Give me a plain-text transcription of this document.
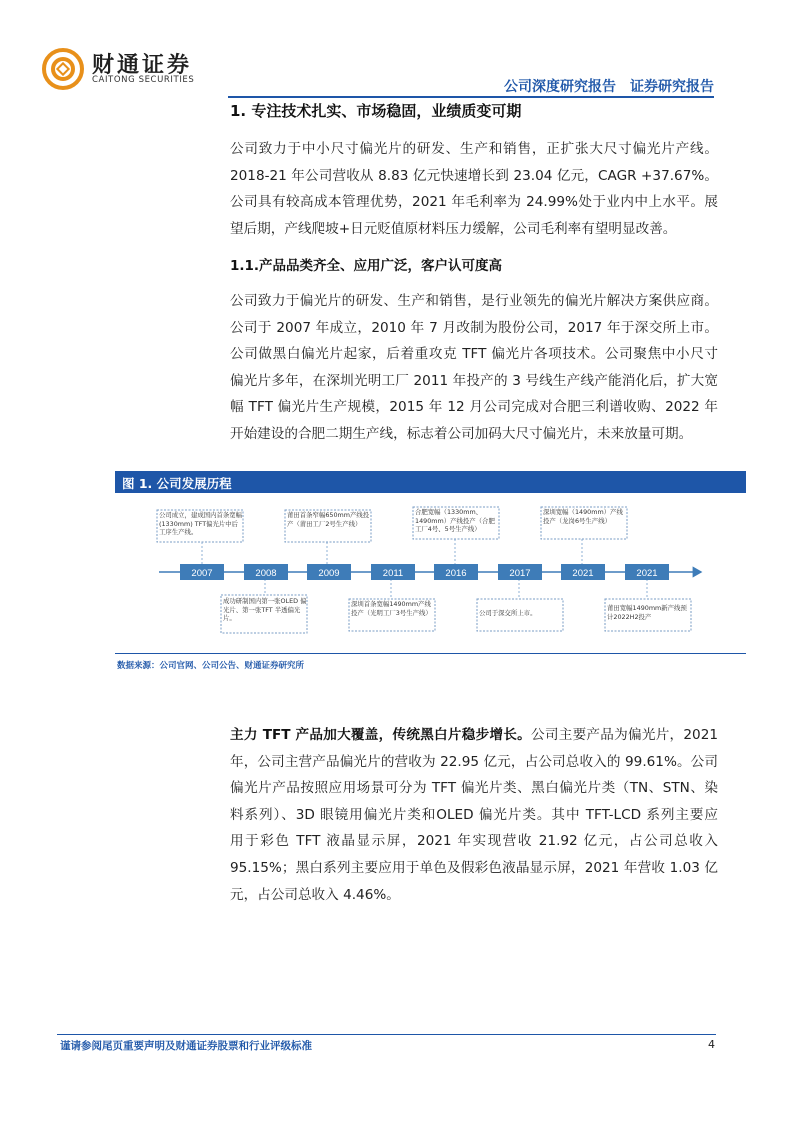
财通证券
CAITONG SECURITIES	公司深度研究报告　证券研究报告
1. 专注技术扎实、市场稳固，业绩质变可期
公司致力于中小尺寸偏光片的研发、生产和销售，正扩张大尺寸偏光片产线。
2018-21 年公司营收从 8.83 亿元快速增长到 23.04 亿元，CAGR +37.67%。
公司具有较高成本管理优势，2021 年毛利率为 24.99%处于业内中上水平。展
望后期，产线爬坡+日元贬值原材料压力缓解，公司毛利率有望明显改善。
1.1.产品品类齐全、应用广泛，客户认可度高
公司致力于偏光片的研发、生产和销售，是行业领先的偏光片解决方案供应商。
公司于 2007 年成立，2010 年 7 月改制为股份公司，2017 年于深交所上市。
公司做黑白偏光片起家，后着重攻克 TFT 偏光片各项技术。公司聚焦中小尺寸
偏光片多年，在深圳光明工厂 2011 年投产的 3 号线生产线产能消化后，扩大宽
幅 TFT 偏光片生产规模，2015 年 12 月公司完成对合肥三利谱收购、2022 年
开始建设的合肥二期生产线，标志着公司加码大尺寸偏光片，未来放量可期。
图 1. 公司发展历程
2007	2008	2009	2011	2016	2017	2021	2021
公司成立，建成国内首条宽幅(1330mm) TFT偏光片中后工序生产线。
莆田首条窄幅650mm产线投产（莆田工厂2号生产线）
合肥宽幅（1330mm、1490mm）产线投产（合肥工厂4号、5号生产线）
深圳宽幅（1490mm）产线投产（龙岗6号生产线）
成功研制国内第一张OLED 偏光片、第一张TFT 半透偏光片。
深圳首条宽幅1490mm产线投产（光明工厂3号生产线）	公司于深交所上市。
莆田宽幅1490mm新产线预计2022H2投产
数据来源：公司官网、公司公告、财通证券研究所
主力 TFT 产品加大覆盖，传统黑白片稳步增长。公司主要产品为偏光片，2021
年，公司主营产品偏光片的营收为 22.95 亿元，占公司总收入的 99.61%。公司
偏光片产品按照应用场景可分为 TFT 偏光片类、黑白偏光片类（TN、STN、染
料系列）、3D 眼镜用偏光片类和OLED 偏光片类。其中 TFT-LCD 系列主要应
用于彩色 TFT 液晶显示屏，2021 年实现营收 21.92 亿元，占公司总收入
95.15%；黑白系列主要应用于单色及假彩色液晶显示屏，2021 年营收 1.03 亿
元，占公司总收入 4.46%。
谨请参阅尾页重要声明及财通证券股票和行业评级标准	4
